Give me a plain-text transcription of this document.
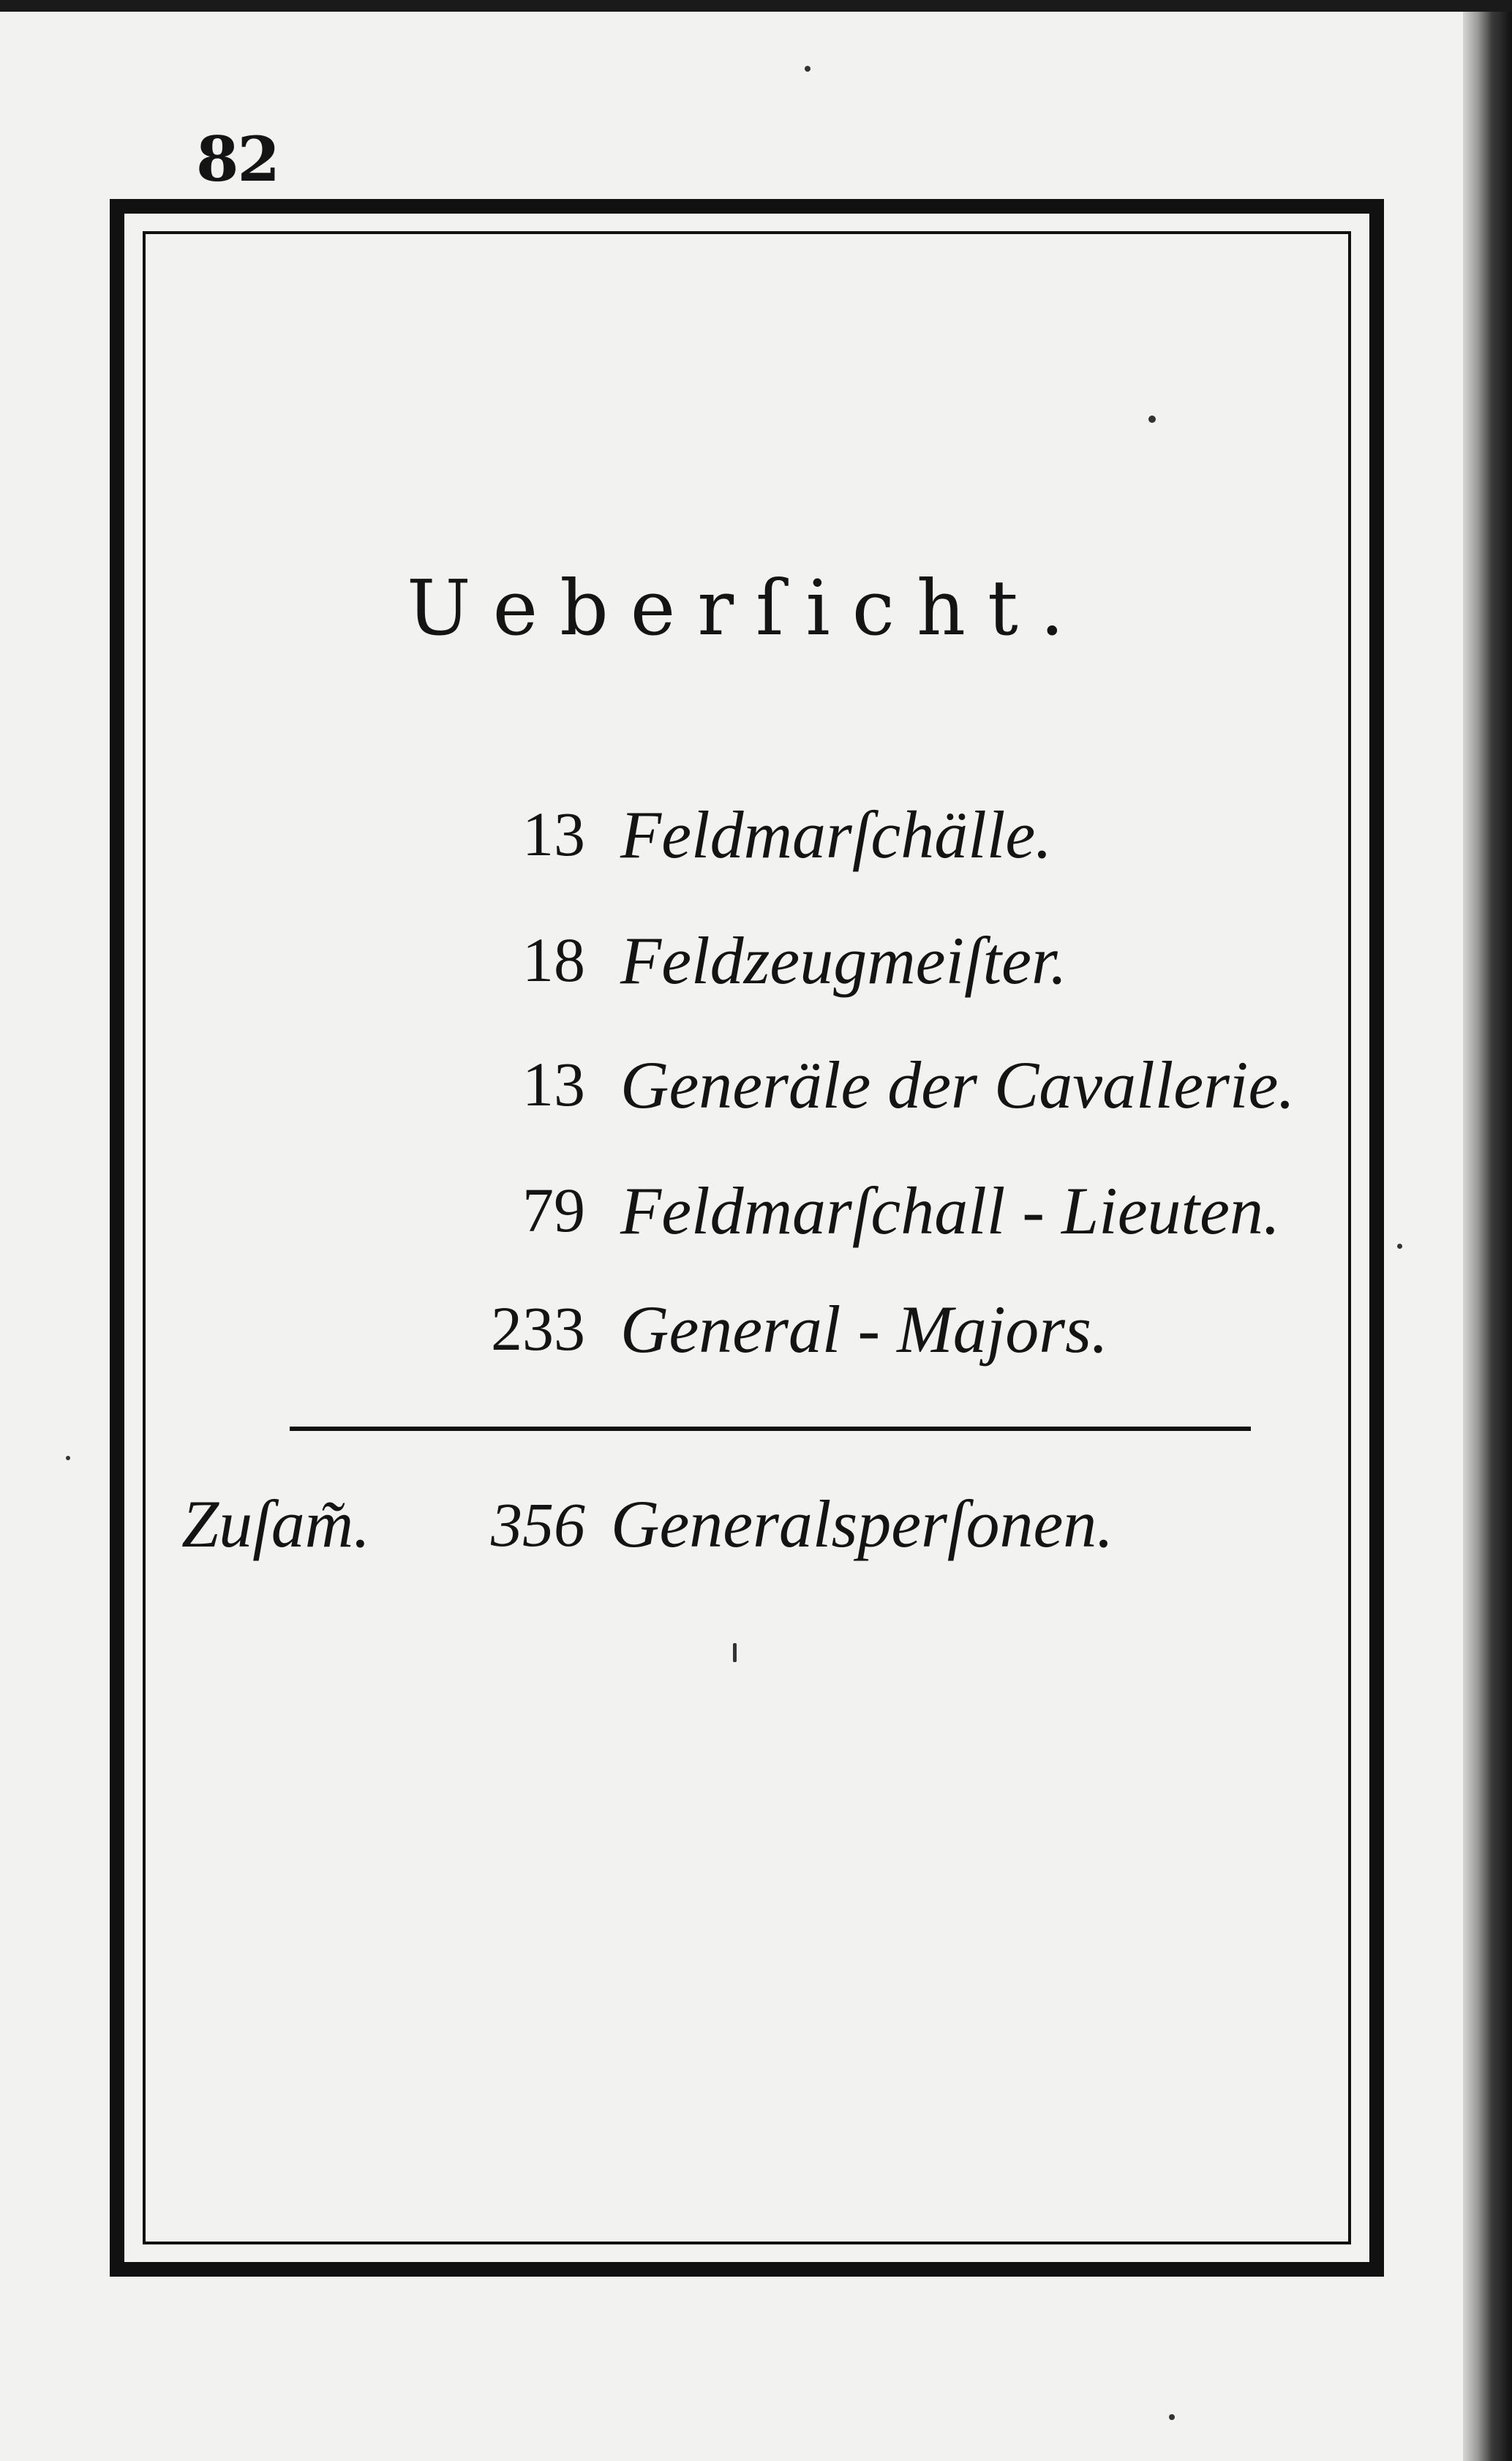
82
Ueberſicht.
13 Feldmarſchälle.
18 Feldzeugmeiſter.
13 Generäle der Cavallerie.
79 Feldmarſchall - Lieuten.
233 General - Majors.
Zuſam̃. 356 Generalsperſonen.
